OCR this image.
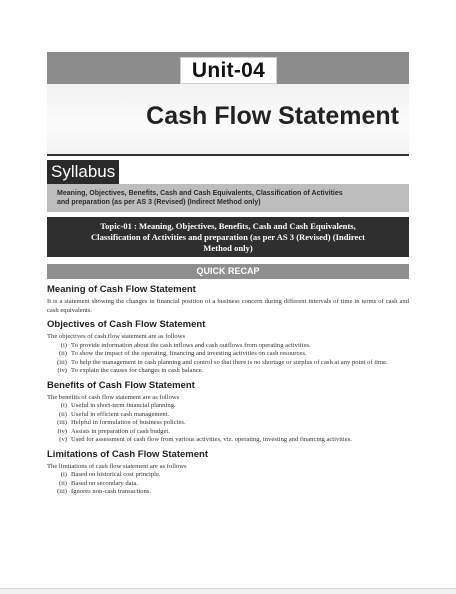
Unit-04
Cash Flow Statement
Syllabus
Meaning, Objectives, Benefits, Cash and Cash Equivalents, Classification of Activities
and preparation (as per AS 3 (Revised) (Indirect Method only)
Topic-01 : Meaning, Objectives, Benefits, Cash and Cash Equivalents,
Classification of Activities and preparation (as per AS 3 (Revised) (Indirect
Method only)
QUICK RECAP
Meaning of Cash Flow Statement

It is a statement showing the changes in financial position of a business concern during different intervals of time in terms of cash and cash equivalents.

Objectives of Cash Flow Statement

The objectives of cash flow statement are as follows

(i) To provide information about the cash inflows and cash outflows from operating activities.
(ii) To show the impact of the operating, financing and investing activities on cash resources.
(iii) To help the management in cash planning and control so that there is no shortage or surplus of cash at any point of time.
(iv) To explain the causes for changes in cash balance.
Benefits of Cash Flow Statement

The benefits of cash flow statement are as follows

(i) Useful in short-term financial planning.
(ii) Useful in efficient cash management.
(iii) Helpful in formulation of business policies.
(iv) Assists in preparation of cash budget.
(v) Used for assessment of cash flow from various activities, viz. operating, investing and financing activities.
Limitations of Cash Flow Statement

The limitations of cash flow statement are as follows

(i) Based on historical cost principle.
(ii) Based on secondary data.
(iii) Ignores non-cash transactions.
